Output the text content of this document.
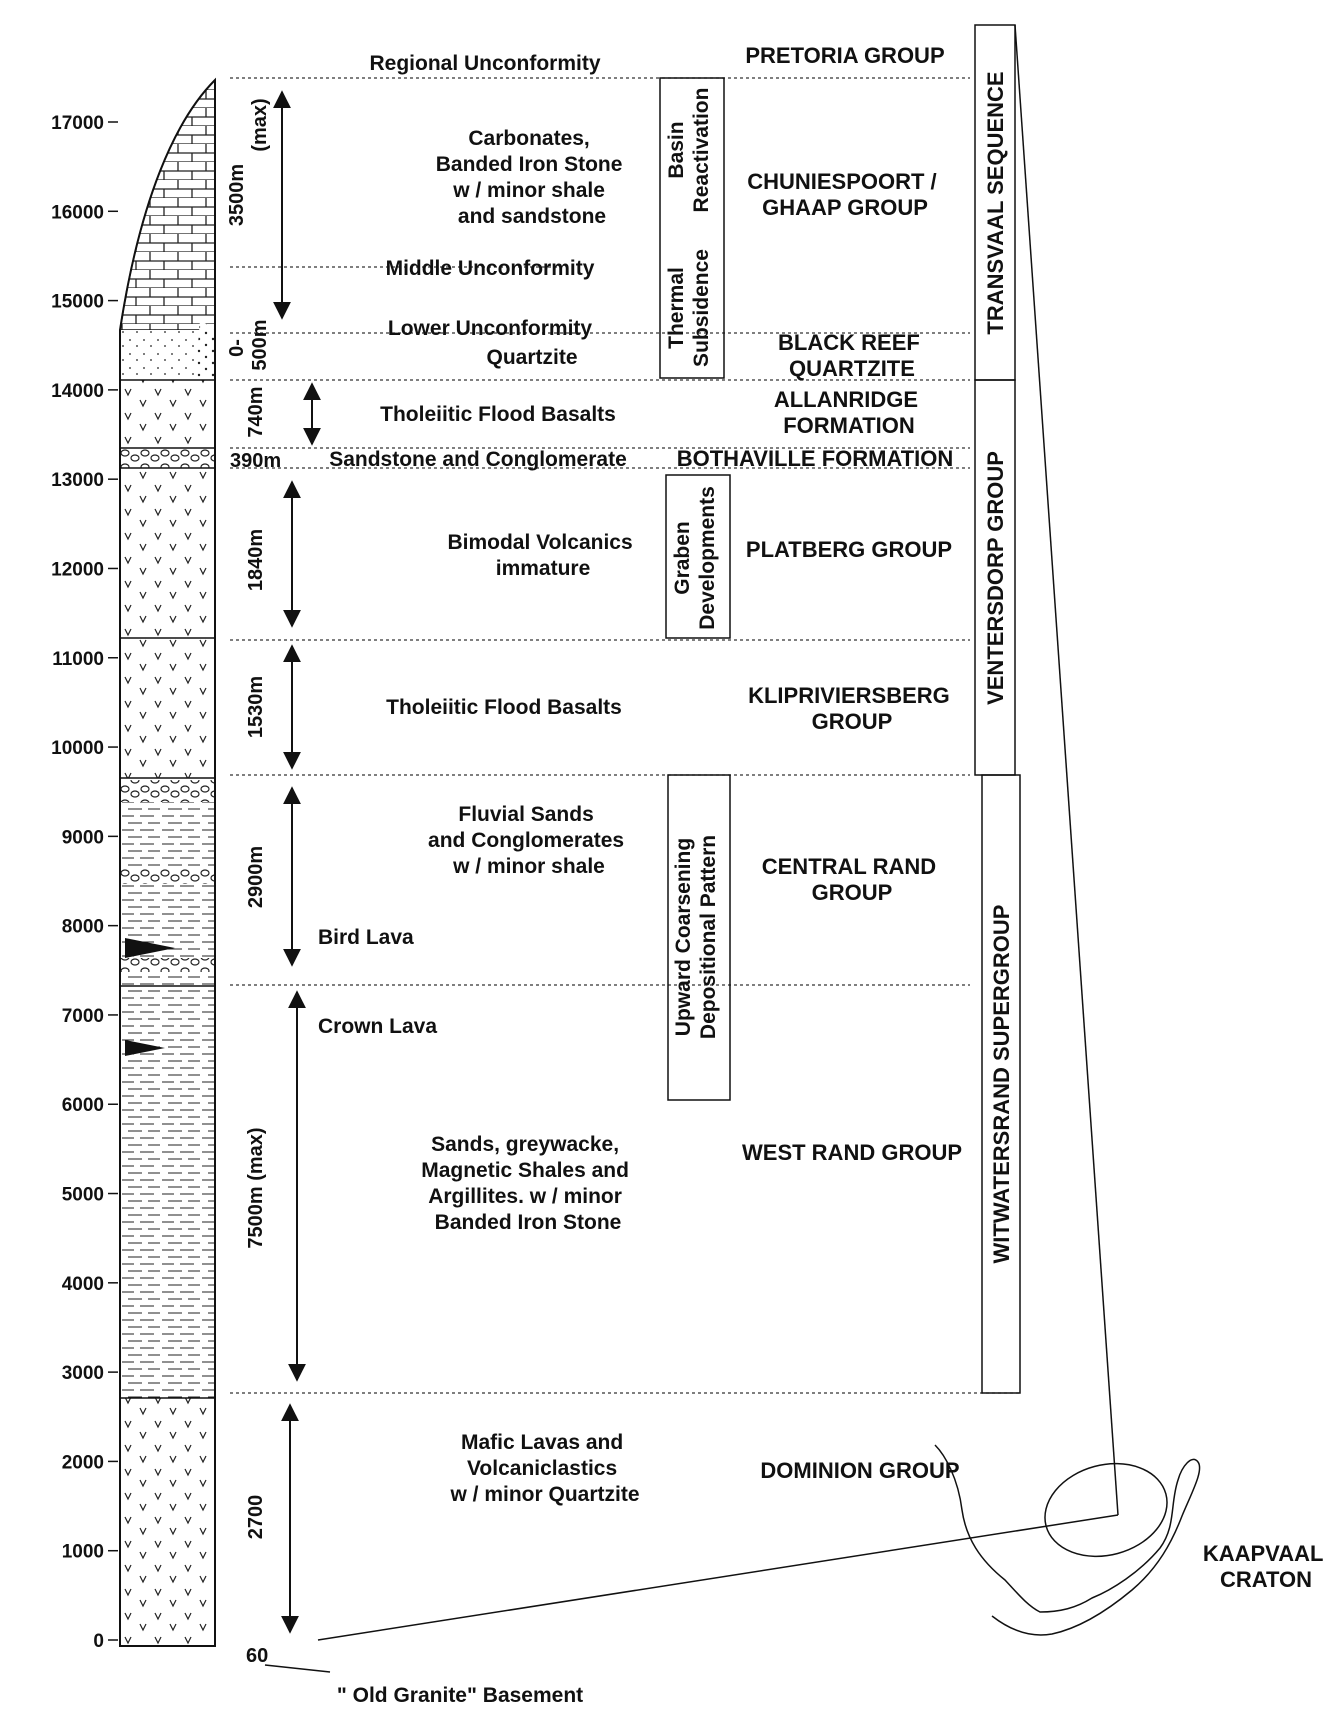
17000
16000
15000
14000
13000
12000
11000
10000
9000
8000
7000
6000
5000
4000
3000
2000
1000
0
3500m
(max)
0- 500m
740m
390m
1840m
1530m
2900m
7500m (max)
2700
60
Regional Unconformity
Middle Unconformity
Lower Unconformity
Carbonates, Banded Iron Stone w / minor shale and sandstone
Quartzite
Tholeiitic Flood Basalts
Sandstone and Conglomerate
Bimodal Volcanics immature
Tholeiitic Flood Basalts
Fluvial Sands and Conglomerates w / minor shale
Bird Lava
Crown Lava
Sands, greywacke, Magnetic Shales and Argillites. w / minor Banded Iron Stone
Mafic Lavas and Volcaniclastics w / minor Quartzite
" Old Granite" Basement
Basin Reactivation
Thermal Subsidence
Graben Developments
Upward Coarsening Depositional Pattern
PRETORIA GROUP
CHUNIESPOORT / GHAAP GROUP
BLACK REEF QUARTZITE
ALLANRIDGE FORMATION
BOTHAVILLE FORMATION
PLATBERG GROUP
KLIPRIVIERSBERG GROUP
CENTRAL RAND GROUP
WEST RAND GROUP
DOMINION GROUP
TRANSVAAL SEQUENCE
VENTERSDORP GROUP
WITWATERSRAND SUPERGROUP
KAAPVAAL CRATON
